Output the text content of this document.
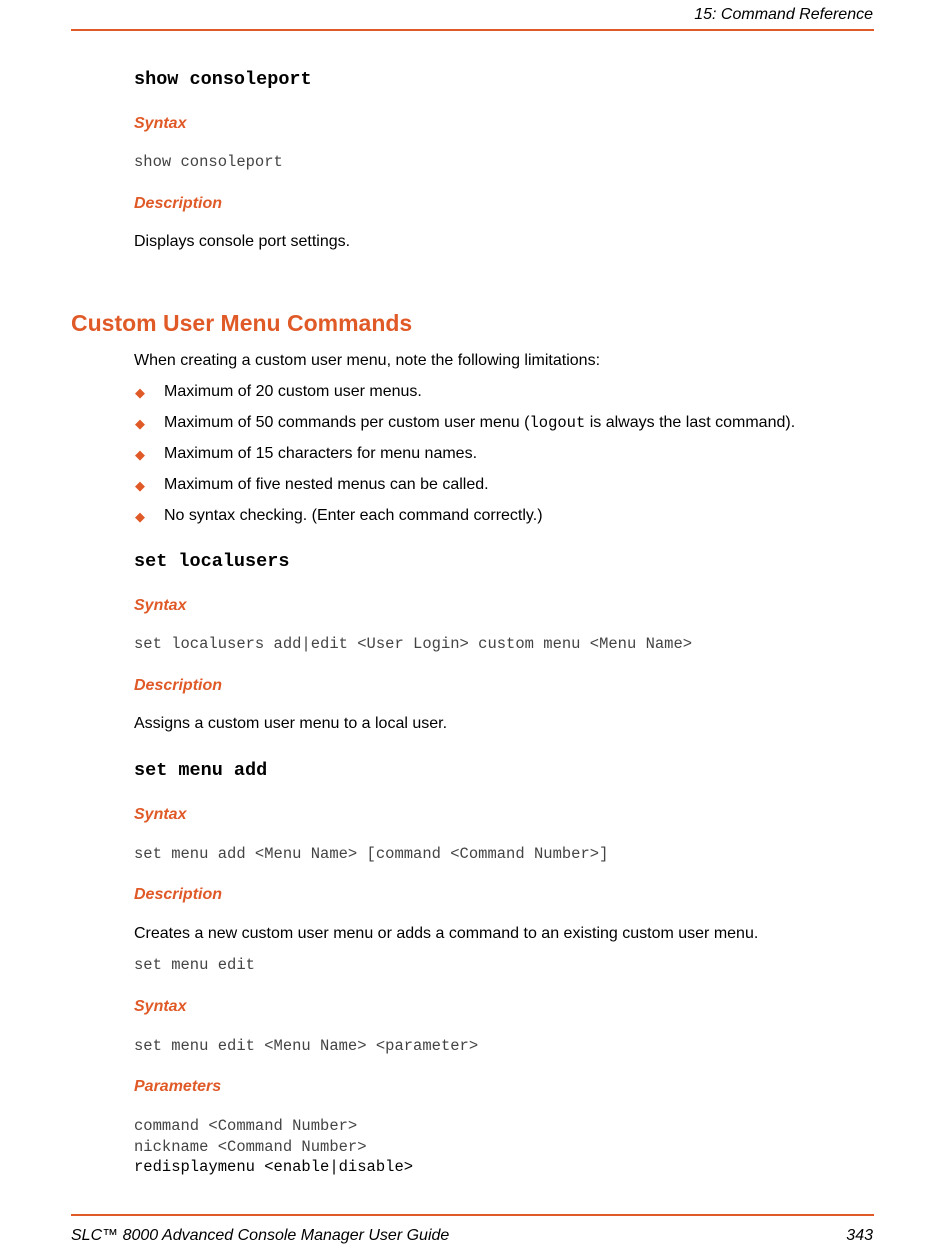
15: Command Reference
show consoleport
Syntax
show consoleport
Description
Displays console port settings.
Custom User Menu Commands
When creating a custom user menu, note the following limitations:
◆ Maximum of 20 custom user menus.
◆ Maximum of 50 commands per custom user menu (logout is always the last command).
◆ Maximum of 15 characters for menu names.
◆ Maximum of five nested menus can be called.
◆ No syntax checking. (Enter each command correctly.)
set localusers
Syntax
set localusers add|edit <User Login> custom menu <Menu Name>
Description
Assigns a custom user menu to a local user.
set menu add
Syntax
set menu add <Menu Name> [command <Command Number>]
Description
Creates a new custom user menu or adds a command to an existing custom user menu.
set menu edit
Syntax
set menu edit <Menu Name> <parameter>
Parameters
command <Command Number>
nickname <Command Number>
redisplaymenu <enable|disable>
SLC™ 8000 Advanced Console Manager User Guide	343
